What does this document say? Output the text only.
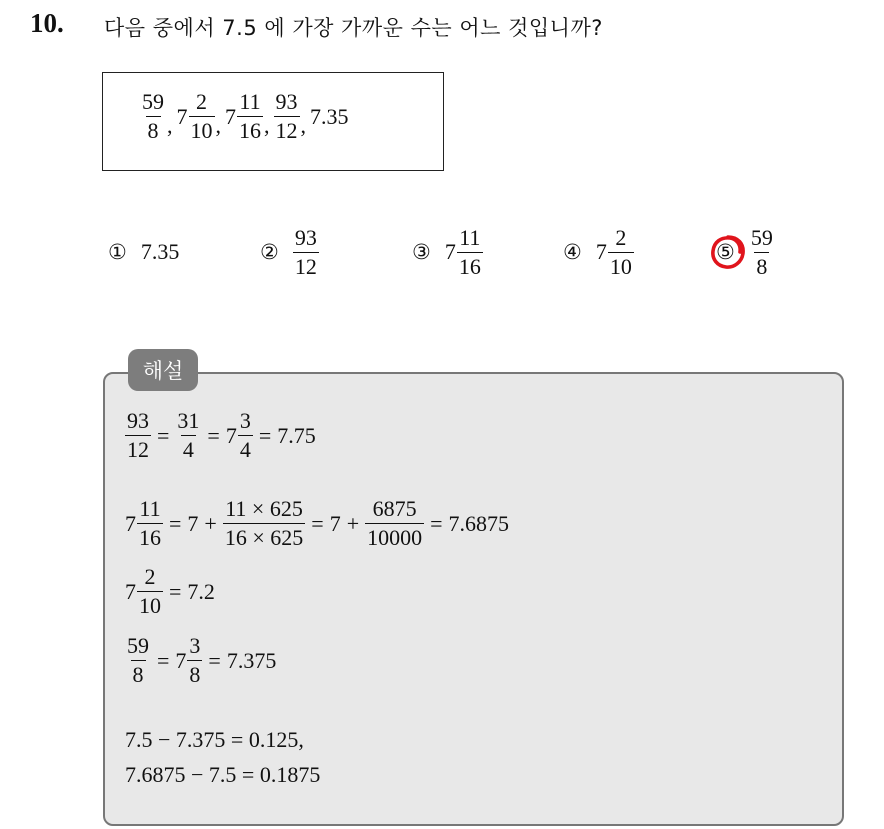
10. 다음 중에서 7.5 에 가장 가까운 수는 어느 것입니까?
$\frac{59}{8}$ , $7 \frac{2}{10}$ , $7 \frac{11}{16}$ , $\frac{93}{12}$ , 7.35
① 7.35	② $\frac{93}{12}$	③ $7 \frac{11}{16}$	④ $7 \frac{2}{10}$	⑤ $\frac{59}{8}$
해설
$\frac{93}{12} = \frac{31}{4} = 7 \frac{3}{4} = 7.75$
$7 \frac{11}{16} = 7 + \frac{11 \times 625}{16 \times 625} = 7 + \frac{6875}{10000} = 7.6875$
$7 \frac{2}{10} = 7.2$
$\frac{59}{8} = 7 \frac{3}{8} = 7.375$
7.5 − 7.375 = 0.125,
7.6875 − 7.5 = 0.1875
